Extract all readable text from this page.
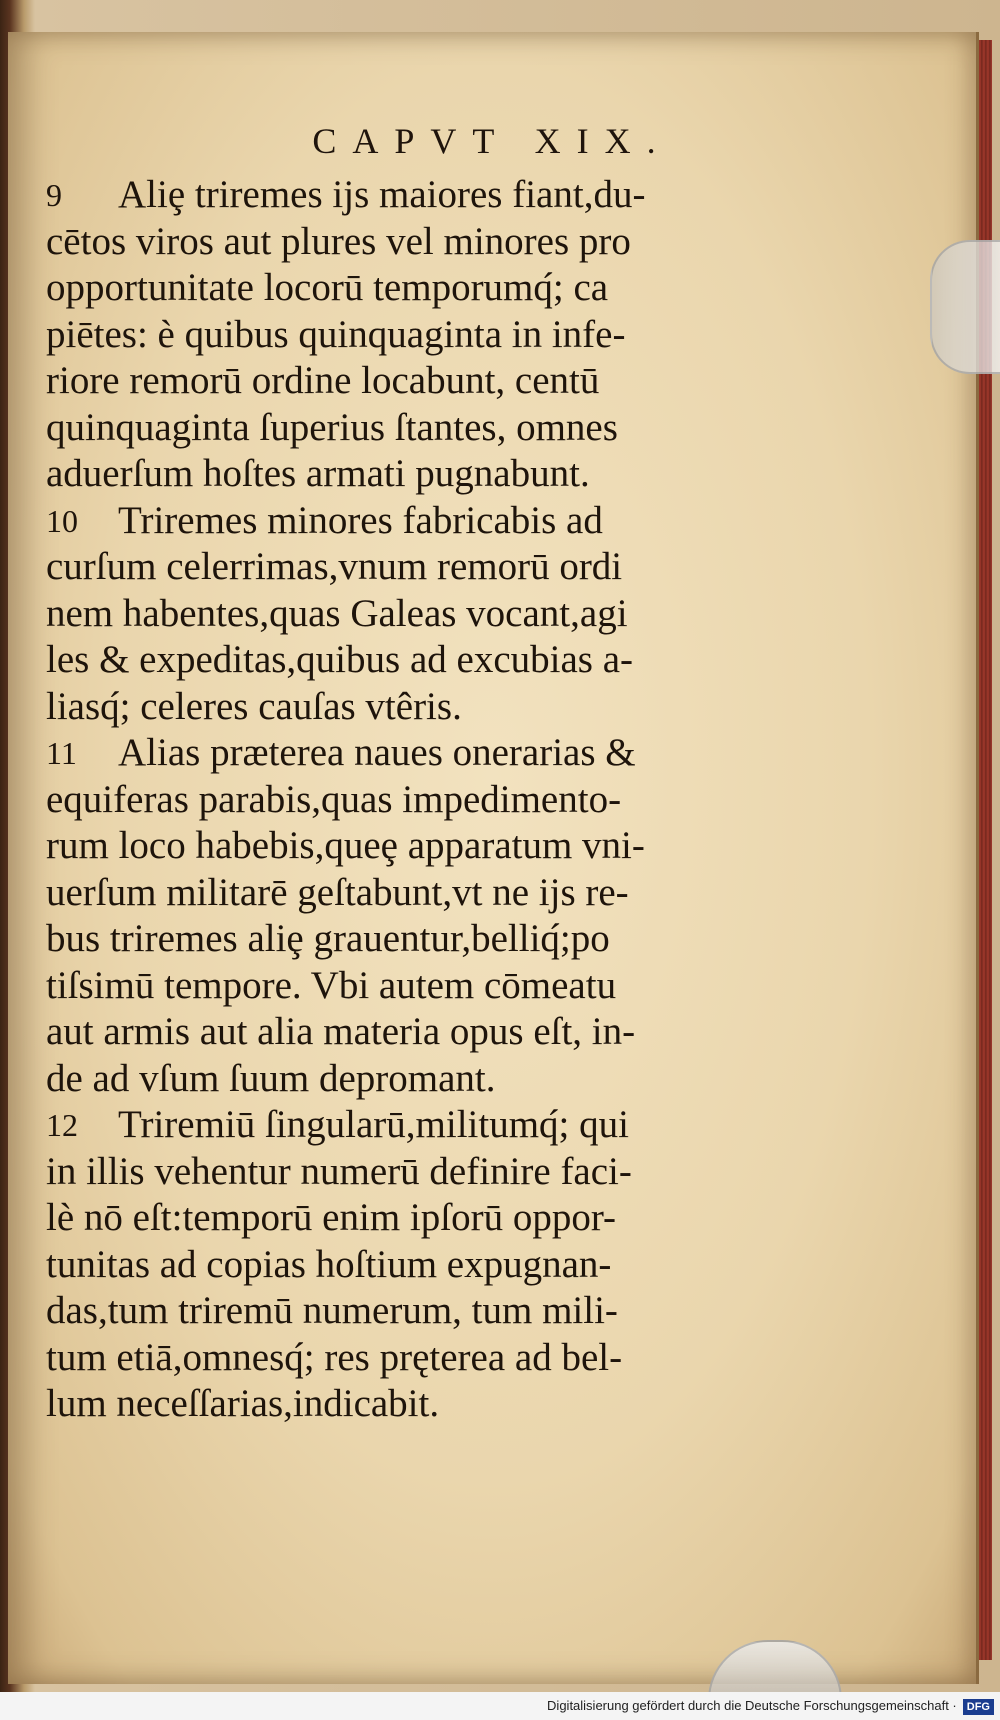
CAPVT XIX.
9 Aliȩ triremes ijs maiores fiant,du-
cētos viros aut plures vel minores pro
opportunitate locorū temporumq́; ca
piētes: è quibus quinquaginta in infe-
riore remorū ordine locabunt, centū
quinquaginta ſuperius ſtantes, omnes
aduerſum hoſtes armati pugnabunt.
10 Triremes minores fabricabis ad
curſum celerrimas,vnum remorū ordi
nem habentes,quas Galeas vocant,agi
les & expeditas,quibus ad excubias a-
liasq́; celeres cauſas vtêris.
11 Alias præterea naues onerarias &
equiferas parabis,quas impedimento-
rum loco habebis,queȩ apparatum vni-
uerſum militarē geſtabunt,vt ne ijs re-
bus triremes aliȩ grauentur,belliq́;po
tiſsimū tempore. Vbi autem cōmeatu
aut armis aut alia materia opus eſt, in-
de ad vſum ſuum depromant.
12 Triremiū ſingularū,militumq́; qui
in illis vehentur numerū definire faci-
lè nō eſt:temporū enim ipſorū oppor-
tunitas ad copias hoſtium expugnan-
das,tum triremū numerum, tum mili-
tum etiā,omnesq́; res pręterea ad bel-
lum neceſſarias,indicabit.
Digitalisierung gefördert durch die Deutsche Forschungsgemeinschaft · DFG
